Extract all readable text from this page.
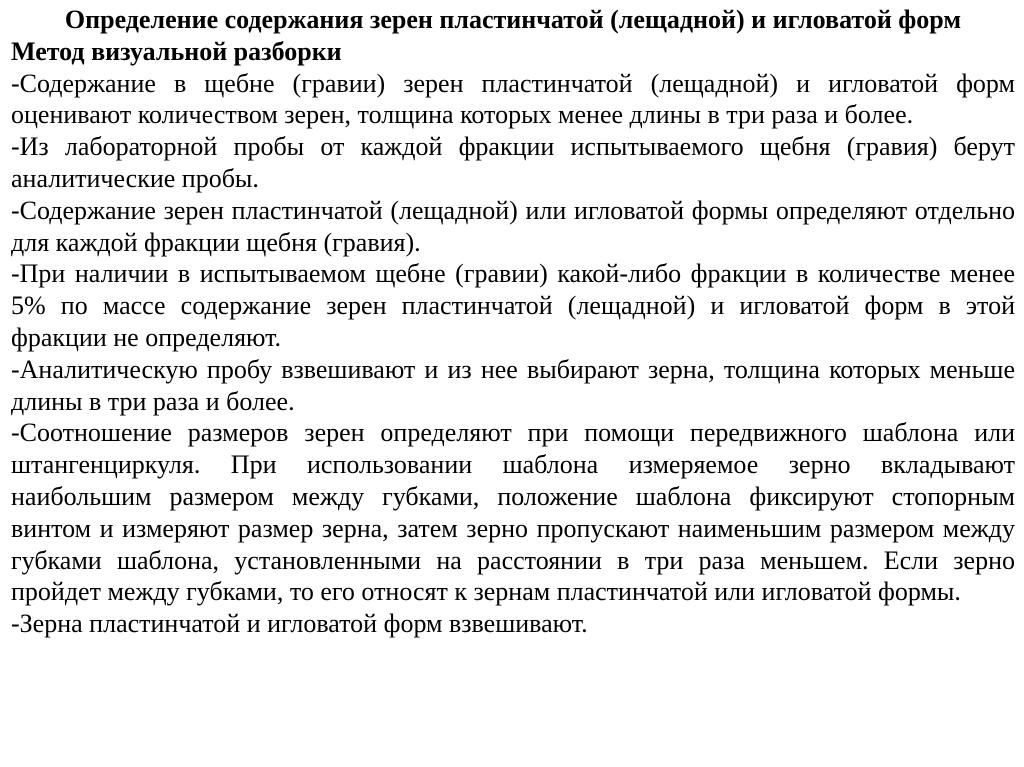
Определение содержания зерен пластинчатой (лещадной) и игловатой форм

Метод визуальной разборки

-Содержание в щебне (гравии) зерен пластинчатой (лещадной) и игловатой форм оценивают количеством зерен, толщина которых менее длины в три раза и более.

-Из лабораторной пробы от каждой фракции испытываемого щебня (гравия) берут аналитические пробы.

-Содержание зерен пластинчатой (лещадной) или игловатой формы определяют отдельно для каждой фракции щебня (гравия).

-При наличии в испытываемом щебне (гравии) какой-либо фракции в количестве менее 5% по массе содержание зерен пластинчатой (лещадной) и игловатой форм в этой фракции не определяют.

-Аналитическую пробу взвешивают и из нее выбирают зерна, толщина которых меньше длины в три раза и более.

-Соотношение размеров зерен определяют при помощи передвижного шаблона или штангенциркуля. При использовании шаблона измеряемое зерно вкладывают наибольшим размером между губками, положение шаблона фиксируют стопорным винтом и измеряют размер зерна, затем зерно пропускают наименьшим размером между губками шаблона, установленными на расстоянии в три раза меньшем. Если зерно пройдет между губками, то его относят к зернам пластинчатой или игловатой формы.

-Зерна пластинчатой и игловатой форм взвешивают.
